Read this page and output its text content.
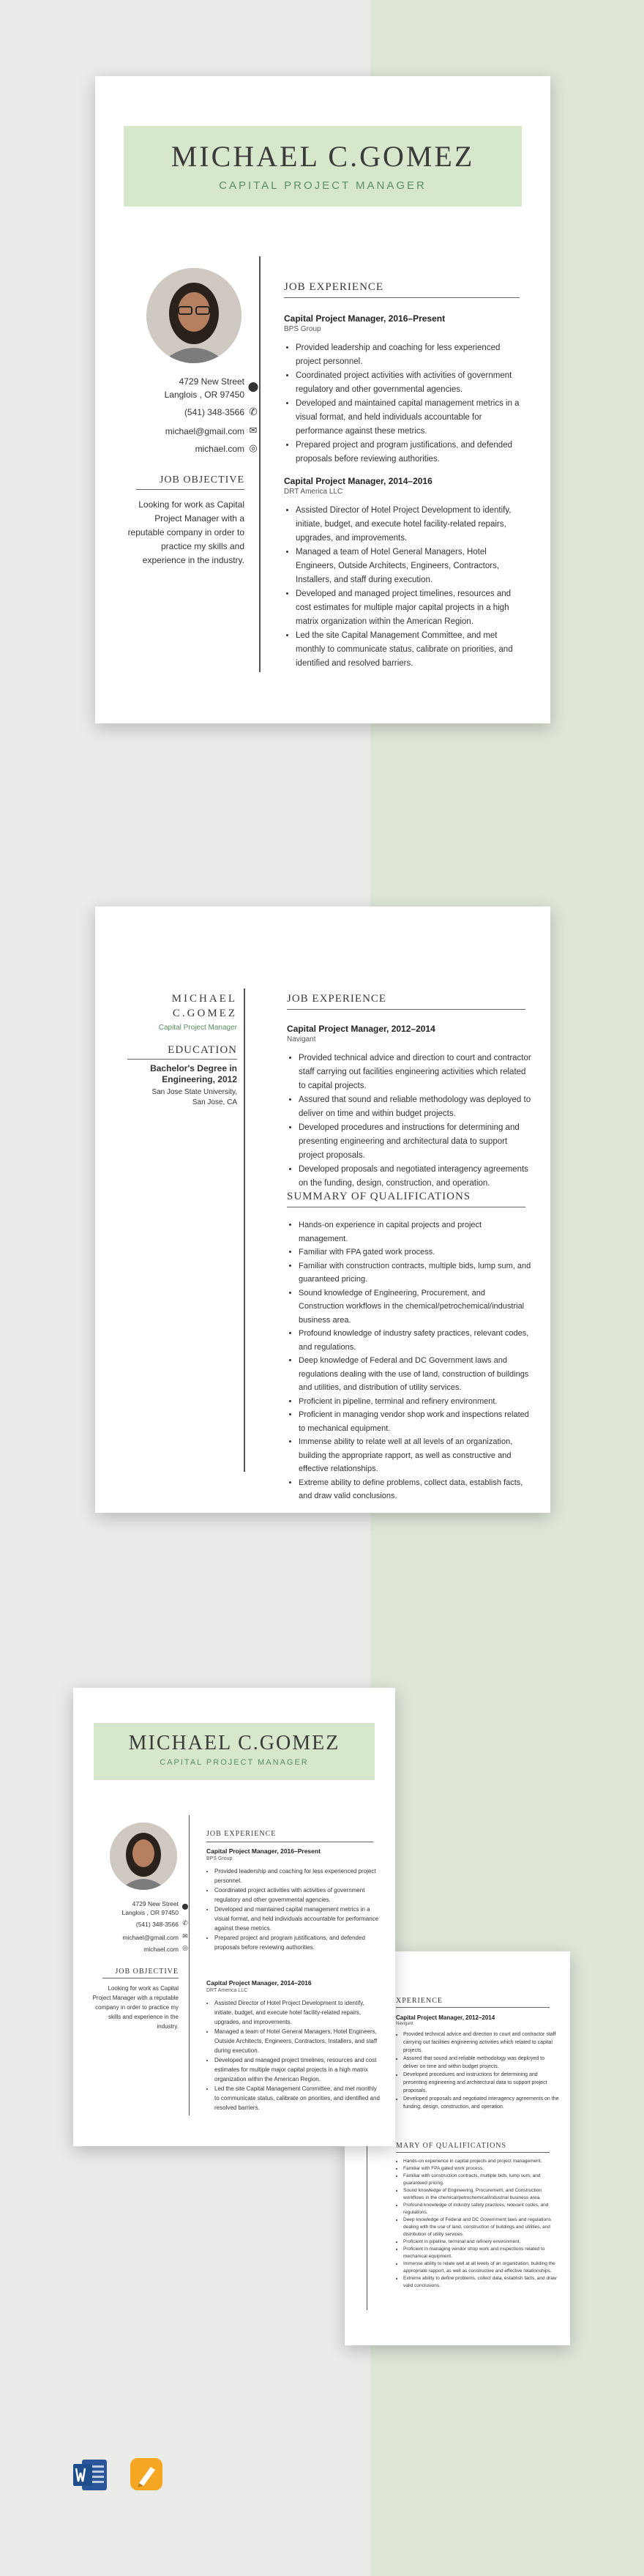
MICHAEL C.GOMEZ
CAPITAL PROJECT MANAGER
4729 New Street
Langlois , OR 97450
⬤
(541) 348-3566 ✆
michael@gmail.com ✉
michael.com ◎
JOB OBJECTIVE
Looking for work as Capital Project Manager with a reputable company in order to practice my skills and experience in the industry.
JOB EXPERIENCE
Capital Project Manager, 2016–Present
BPS Group
• Provided leadership and coaching for less experienced project personnel.
• Coordinated project activities with activities of government regulatory and other governmental agencies.
• Developed and maintained capital management metrics in a visual format, and held individuals accountable for performance against these metrics.
• Prepared project and program justifications, and defended proposals before reviewing authorities.
Capital Project Manager, 2014–2016
DRT America LLC
• Assisted Director of Hotel Project Development to identify, initiate, budget, and execute hotel facility-related repairs, upgrades, and improvements.
• Managed a team of Hotel General Managers, Hotel Engineers, Outside Architects, Engineers, Contractors, Installers, and staff during execution.
• Developed and managed project timelines, resources and cost estimates for multiple major capital projects in a high matrix organization within the American Region.
• Led the site Capital Management Committee, and met monthly to communicate status, calibrate on priorities, and identified and resolved barriers.
MICHAEL
C.GOMEZ
Capital Project Manager
EDUCATION
Bachelor's Degree in Engineering, 2012
San Jose State University,
San Jose, CA
JOB EXPERIENCE
Capital Project Manager, 2012–2014
Navigant
• Provided technical advice and direction to court and contractor staff carrying out facilities engineering activities which related to capital projects.
• Assured that sound and reliable methodology was deployed to deliver on time and within budget projects.
• Developed procedures and instructions for determining and presenting engineering and architectural data to support project proposals.
• Developed proposals and negotiated interagency agreements on the funding, design, construction, and operation.
SUMMARY OF QUALIFICATIONS
• Hands-on experience in capital projects and project management.
• Familiar with FPA gated work process.
• Familiar with construction contracts, multiple bids, lump sum, and guaranteed pricing.
• Sound knowledge of Engineering, Procurement, and Construction workflows in the chemical/petrochemical/industrial business area.
• Profound knowledge of industry safety practices, relevant codes, and regulations.
• Deep knowledge of Federal and DC Government laws and regulations dealing with the use of land, construction of buildings and utilities, and distribution of utility services.
• Proficient in pipeline, terminal and refinery environment.
• Proficient in managing vendor shop work and inspections related to mechanical equipment.
• Immense ability to relate well at all levels of an organization, building the appropriate rapport, as well as constructive and effective relationships.
• Extreme ability to define problems, collect data, establish facts, and draw valid conclusions.
XPERIENCE
Capital Project Manager, 2012–2014
Navigant
• Provided technical advice and direction to court and contractor staff carrying out facilities engineering activities which related to capital projects.
• Assured that sound and reliable methodology was deployed to deliver on time and within budget projects.
• Developed procedures and instructions for determining and presenting engineering and architectural data to support project proposals.
• Developed proposals and negotiated interagency agreements on the funding, design, construction, and operation.
MARY OF QUALIFICATIONS
• Hands-on experience in capital projects and project management.
• Familiar with FPA gated work process.
• Familiar with construction contracts, multiple bids, lump sum, and guaranteed pricing.
• Sound knowledge of Engineering, Procurement, and Construction workflows in the chemical/petrochemical/industrial business area.
• Profound knowledge of industry safety practices, relevant codes, and regulations.
• Deep knowledge of Federal and DC Government laws and regulations dealing with the use of land, construction of buildings and utilities, and distribution of utility services.
• Proficient in pipeline, terminal and refinery environment.
• Proficient in managing vendor shop work and inspections related to mechanical equipment.
• Immense ability to relate well at all levels of an organization, building the appropriate rapport, as well as constructive and effective relationships.
• Extreme ability to define problems, collect data, establish facts, and draw valid conclusions.
MICHAEL C.GOMEZ
CAPITAL PROJECT MANAGER
4729 New Street
Langlois , OR 97450
(541) 348-3566
michael@gmail.com
michael.com
⬤
✆
✉
◎
JOB OBJECTIVE
Looking for work as Capital Project Manager with a reputable company in order to practice my skills and experience in the industry.
JOB EXPERIENCE
Capital Project Manager, 2016–Present
BPS Group
• Provided leadership and coaching for less experienced project personnel.
• Coordinated project activities with activities of government regulatory and other governmental agencies.
• Developed and maintained capital management metrics in a visual format, and held individuals accountable for performance against these metrics.
• Prepared project and program justifications, and defended proposals before reviewing authorities.
Capital Project Manager, 2014–2016
DRT America LLC
• Assisted Director of Hotel Project Development to identify, initiate, budget, and execute hotel facility-related repairs, upgrades, and improvements.
• Managed a team of Hotel General Managers, Hotel Engineers, Outside Architects, Engineers, Contractors, Installers, and staff during execution.
• Developed and managed project timelines, resources and cost estimates for multiple major capital projects in a high matrix organization within the American Region.
• Led the site Capital Management Committee, and met monthly to communicate status, calibrate on priorities, and identified and resolved barriers.
